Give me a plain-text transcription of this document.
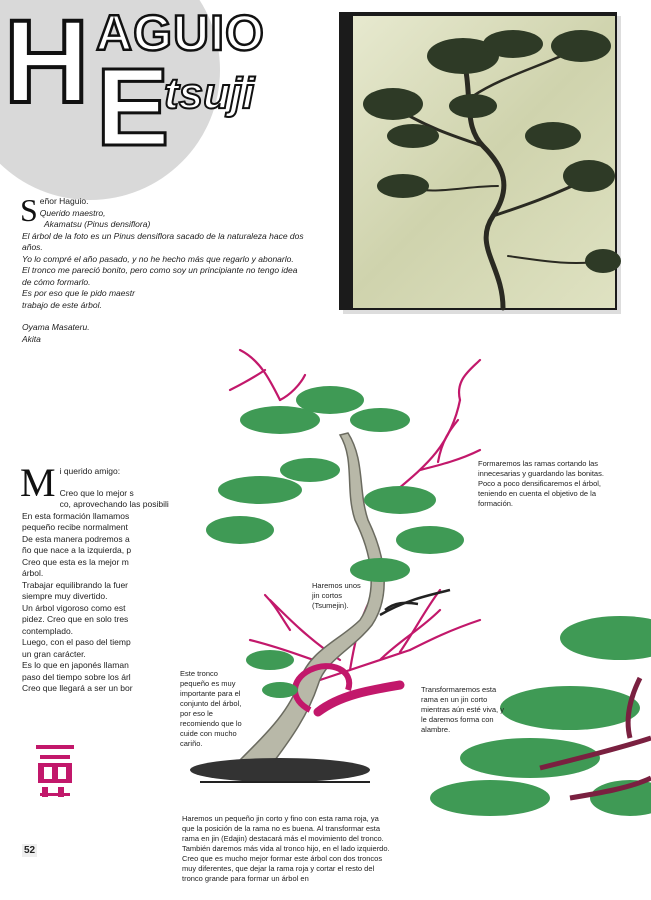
H AGUIO
E
tsuji
S eñor Haguio.

Querido maestro,

Akamatsu (Pinus densiflora)

El árbol de la foto es un Pinus densiflora sacado de la naturaleza hace dos años.

Yo lo compré el año pasado, y no he hecho más que regarlo y abonarlo.

El tronco me pareció bonito, pero como soy un principiante no tengo idea de cómo formarlo.

Es por eso que le pido maestr

trabajo de este árbol.

Oyama Masateru.

Akita

M i querido amigo:

Creo que lo mejor s

co, aprovechando las posibili

En esta formación llamamos

pequeño recibe normalment

De esta manera podremos a

ño que nace a la izquierda, p

Creo que esta es la mejor m

árbol.

Trabajar equilibrando la fuer

siempre muy divertido.

Un árbol vigoroso como est

pidez. Creo que en solo tres

contemplado.

Luego, con el paso del tiemp

un gran carácter.

Es lo que en japonés llaman

paso del tiempo sobre los árl

Creo que llegará a ser un bor

Formaremos las ramas cortando las innecesarias y guardando las bonitas. Poco a poco densificaremos el árbol, teniendo en cuenta el objetivo de la formación.
Haremos unos jin cortos (Tsumejin).
Este tronco pequeño es muy importante para el conjunto del árbol, por eso le recomiendo que lo cuide con mucho cariño.
Transformaremos esta rama en un jin corto mientras aún esté viva, y le daremos forma con alambre.
Haremos un pequeño jin corto y fino con esta rama roja, ya que la posición de la rama no es buena. Al transformar esta rama en jin (Edajin) destacará más el movimiento del tronco. También daremos más vida al tronco hijo, en el lado izquierdo. Creo que es mucho mejor formar este árbol con dos troncos muy diferentes, que dejar la rama roja y cortar el resto del tronco grande para formar un árbol en
52
